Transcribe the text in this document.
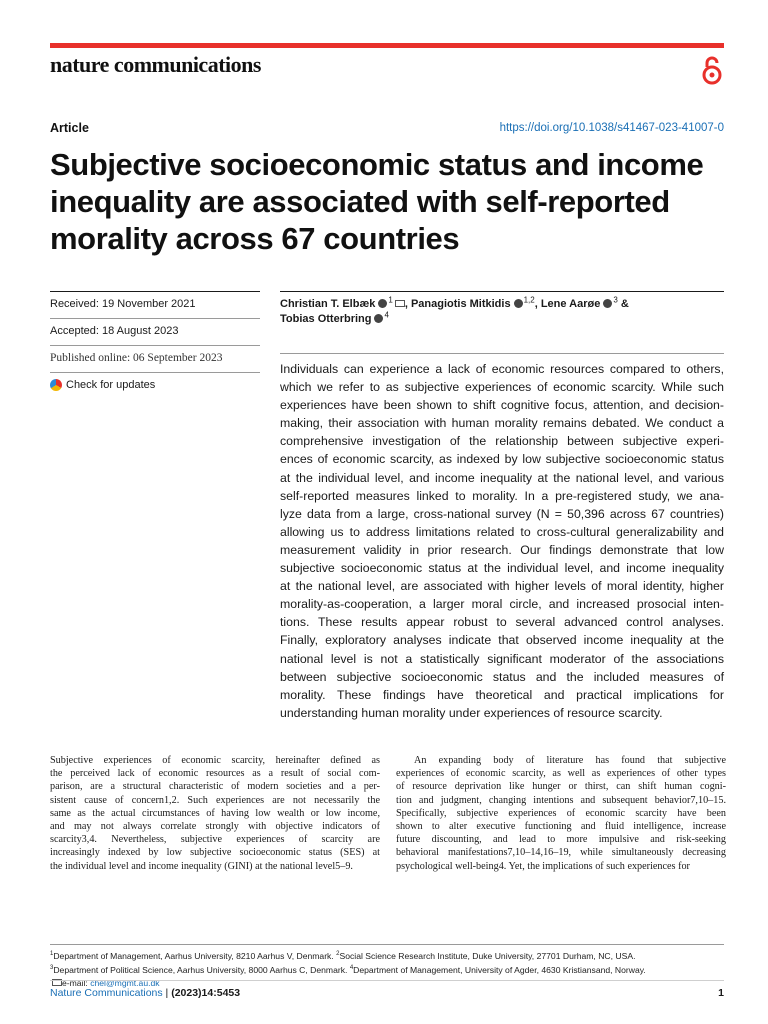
nature communications
Article	https://doi.org/10.1038/s41467-023-41007-0
Subjective socioeconomic status and income
inequality are associated with self-reported
morality across 67 countries
Received: 19 November 2021
Accepted: 18 August 2023
Published online: 06 September 2023
Check for updates
Christian T. Elbæk $^1$ , Panagiotis Mitkidis $^{1,2}$, Lene Aarøe $^3$ &
Tobias Otterbring $^4$
Individuals can experience a lack of economic resources compared to others,
which we refer to as subjective experiences of economic scarcity. While such
experiences have been shown to shift cognitive focus, attention, and decision-
making, their association with human morality remains debated. We conduct a
comprehensive investigation of the relationship between subjective experi-
ences of economic scarcity, as indexed by low subjective socioeconomic status
at the individual level, and income inequality at the national level, and various
self-reported measures linked to morality. In a pre-registered study, we ana-
lyze data from a large, cross-national survey (N = 50,396 across 67 countries)
allowing us to address limitations related to cross-cultural generalizability and
measurement validity in prior research. Our findings demonstrate that low
subjective socioeconomic status at the individual level, and income inequality
at the national level, are associated with higher levels of moral identity, higher
morality-as-cooperation, a larger moral circle, and increased prosocial inten-
tions. These results appear robust to several advanced control analyses.
Finally, exploratory analyses indicate that observed income inequality at the
national level is not a statistically significant moderator of the associations
between subjective socioeconomic status and the included measures of
morality. These findings have theoretical and practical implications for
understanding human morality under experiences of resource scarcity.
Subjective experiences of economic scarcity, hereinafter defined as
the perceived lack of economic resources as a result of social com-
parison, are a structural characteristic of modern societies and a per-
sistent cause of concern1,2. Such experiences are not necessarily the
same as the actual circumstances of having low wealth or low income,
and may not always correlate strongly with objective indicators of
scarcity3,4. Nevertheless, subjective experiences of scarcity are
increasingly indexed by low subjective socioeconomic status (SES) at
the individual level and income inequality (GINI) at the national level5–9.
An expanding body of literature has found that subjective
experiences of economic scarcity, as well as experiences of other types
of resource deprivation like hunger or thirst, can shift human cogni-
tion and judgment, changing intentions and subsequent behavior7,10–15.
Specifically, subjective experiences of economic scarcity have been
shown to alter executive functioning and fluid intelligence, increase
future discounting, and lead to more impulsive and risk-seeking
behavioral manifestations7,10–14,16–19, while simultaneously decreasing
psychological well-being4. Yet, the implications of such experiences for
$^1$Department of Management, Aarhus University, 8210 Aarhus V, Denmark. $^2$Social Science Research Institute, Duke University, 27701 Durham, NC, USA.
$^3$Department of Political Science, Aarhus University, 8000 Aarhus C, Denmark. $^4$Department of Management, University of Agder, 4630 Kristiansand, Norway.
e-mail: chel@mgmt.au.dk
Nature Communications | (2023)14:5453	1
